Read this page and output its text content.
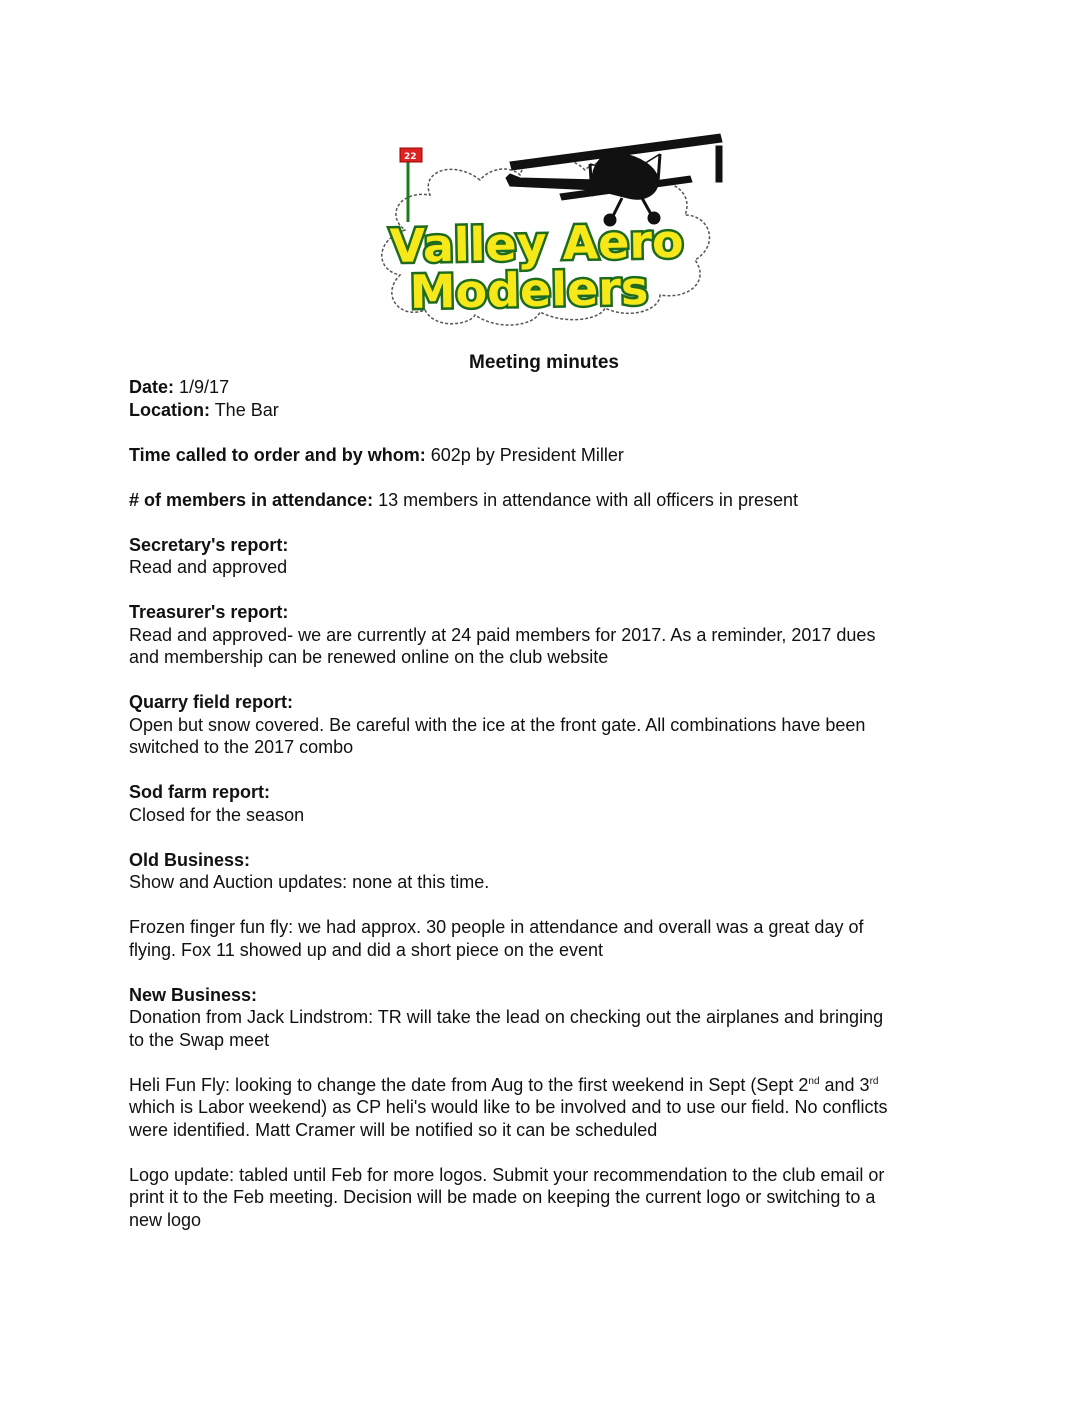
22
Valley Aero
Modelers
Meeting minutes

Date: 1/9/17

Location: The Bar

Time called to order and by whom: 602p by President Miller

# of members in attendance: 13 members in attendance with all officers in present

Secretary's report:

Read and approved

Treasurer's report:

Read and approved- we are currently at 24 paid members for 2017. As a reminder, 2017 dues

and membership can be renewed online on the club website

Quarry field report:

Open but snow covered. Be careful with the ice at the front gate. All combinations have been

switched to the 2017 combo

Sod farm report:

Closed for the season

Old Business:

Show and Auction updates: none at this time.

Frozen finger fun fly: we had approx. 30 people in attendance and overall was a great day of

flying. Fox 11 showed up and did a short piece on the event

New Business:

Donation from Jack Lindstrom: TR will take the lead on checking out the airplanes and bringing

to the Swap meet

Heli Fun Fly: looking to change the date from Aug to the first weekend in Sept (Sept 2nd and 3rd

which is Labor weekend) as CP heli's would like to be involved and to use our field. No conflicts

were identified. Matt Cramer will be notified so it can be scheduled

Logo update: tabled until Feb for more logos. Submit your recommendation to the club email or

print it to the Feb meeting. Decision will be made on keeping the current logo or switching to a

new logo
